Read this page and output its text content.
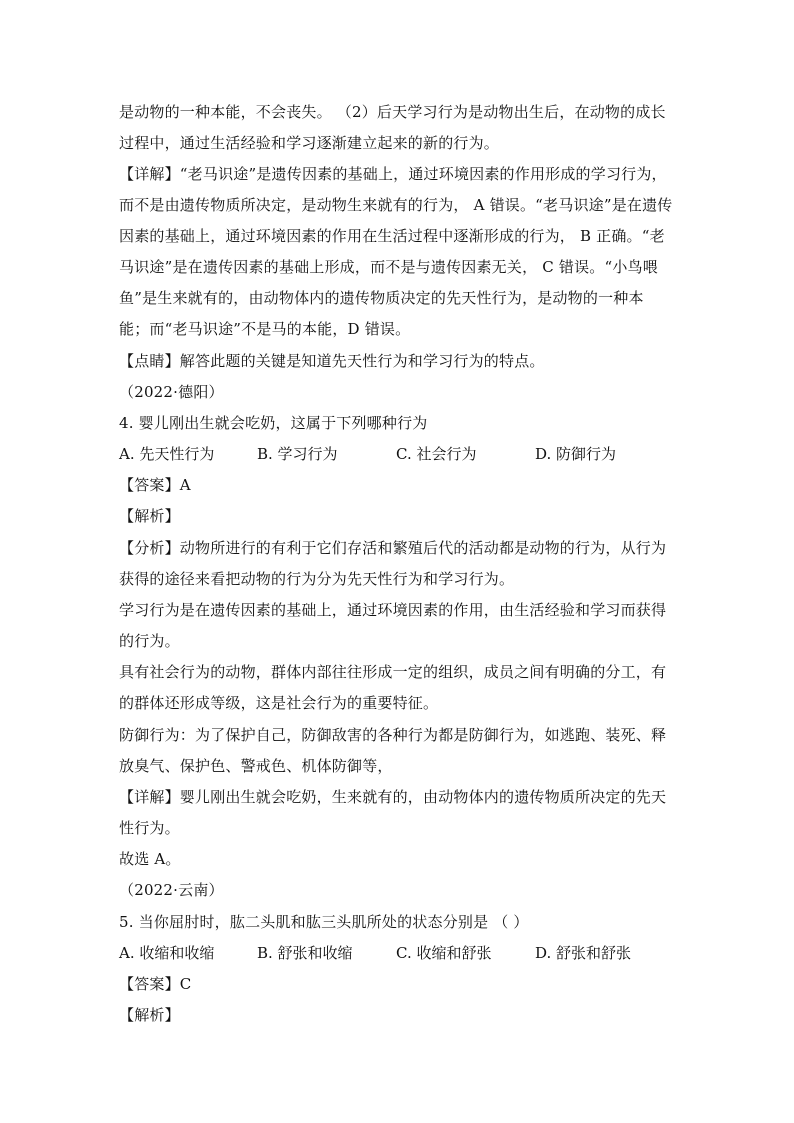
是动物的一种本能，不会丧失。 （2）后天学习行为是动物出生后，在动物的成长
过程中，通过生活经验和学习逐渐建立起来的新的行为。
【详解】“老马识途”是遗传因素的基础上，通过环境因素的作用形成的学习行为，
而不是由遗传物质所决定，是动物生来就有的行为， A 错误。“老马识途”是在遗传
因素的基础上，通过环境因素的作用在生活过程中逐渐形成的行为， B 正确。“老
马识途”是在遗传因素的基础上形成，而不是与遗传因素无关， C 错误。“小鸟喂
鱼”是生来就有的，由动物体内的遗传物质决定的先天性行为，是动物的一种本
能；而“老马识途”不是马的本能，D 错误。
【点睛】解答此题的关键是知道先天性行为和学习行为的特点。
（2022·德阳）
4. 婴儿刚出生就会吃奶，这属于下列哪种行为
A. 先天性行为	B. 学习行为	C. 社会行为	D. 防御行为
【答案】A
【解析】
【分析】动物所进行的有利于它们存活和繁殖后代的活动都是动物的行为，从行为
获得的途径来看把动物的行为分为先天性行为和学习行为。
学习行为是在遗传因素的基础上，通过环境因素的作用，由生活经验和学习而获得
的行为。
具有社会行为的动物，群体内部往往形成一定的组织，成员之间有明确的分工，有
的群体还形成等级，这是社会行为的重要特征。
防御行为：为了保护自己，防御敌害的各种行为都是防御行为，如逃跑、装死、释
放臭气、保护色、警戒色、机体防御等，
【详解】婴儿刚出生就会吃奶，生来就有的，由动物体内的遗传物质所决定的先天
性行为。
故选 A。
（2022·云南）
5. 当你屈肘时，肱二头肌和肱三头肌所处的状态分别是 （ ）
A. 收缩和收缩	B. 舒张和收缩	C. 收缩和舒张	D. 舒张和舒张
【答案】C
【解析】
